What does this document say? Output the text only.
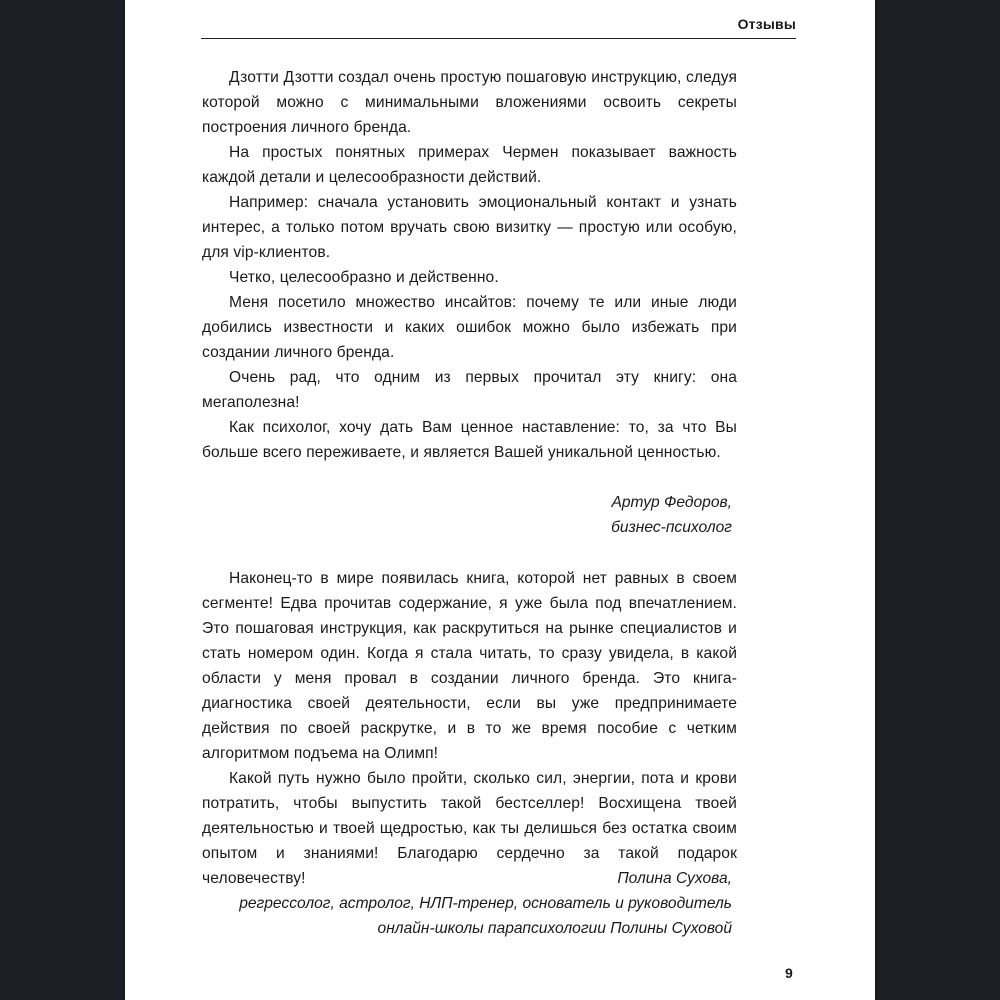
Отзывы

Дзотти Дзотти создал очень простую пошаговую инструкцию, следуя которой можно с минимальными вложениями освоить секреты построения личного бренда.

На простых понятных примерах Чермен показывает важность каждой детали и целесообразности действий.

Например: сначала установить эмоциональный контакт и узнать интерес, а только потом вручать свою визитку — простую или особую, для vip-клиентов.

Четко, целесообразно и действенно.

Меня посетило множество инсайтов: почему те или иные люди добились известности и каких ошибок можно было избежать при создании личного бренда.

Очень рад, что одним из первых прочитал эту книгу: она мегаполезна!

Как психолог, хочу дать Вам ценное наставление: то, за что Вы больше всего переживаете, и является Вашей уникальной ценностью.

Артур Федоров,
бизнес-психолог

Наконец-то в мире появилась книга, которой нет равных в своем сегменте! Едва прочитав содержание, я уже была под впечатлением. Это пошаговая инструкция, как раскрутиться на рынке специалистов и стать номером один. Когда я стала читать, то сразу увидела, в какой области у меня провал в создании личного бренда. Это книга-диагностика своей деятельности, если вы уже предпринимаете действия по своей раскрутке, и в то же время пособие с четким алгоритмом подъема на Олимп!

Какой путь нужно было пройти, сколько сил, энергии, пота и крови потратить, чтобы выпустить такой бестселлер! Восхищена твоей деятельностью и твоей щедростью, как ты делишься без остатка своим опытом и знаниями! Благодарю сердечно за такой подарок человечеству!	Полина Сухова,
регрессолог, астролог, НЛП-тренер, основатель и руководитель
онлайн-школы парапсихологии Полины Суховой
9
